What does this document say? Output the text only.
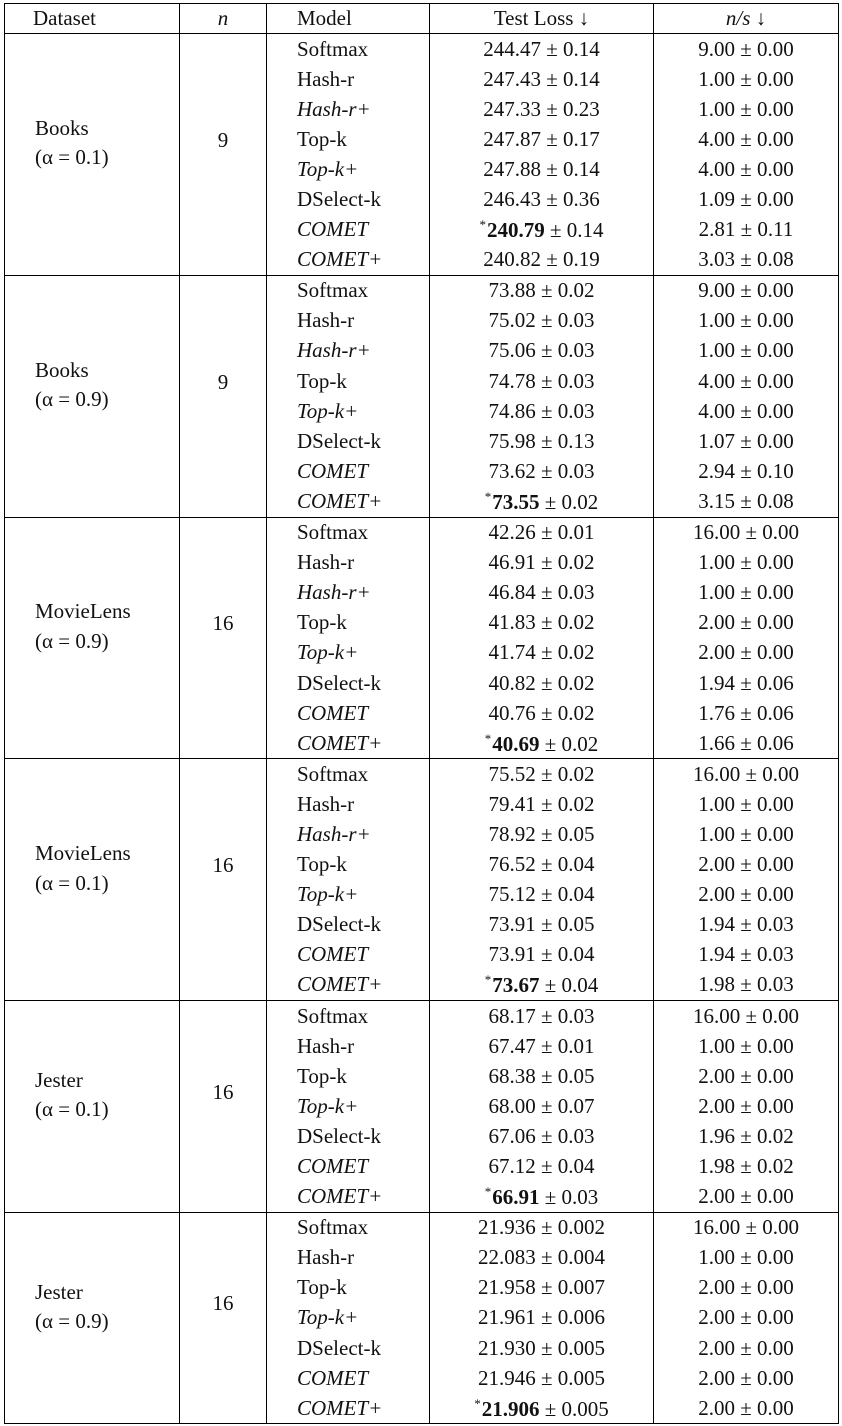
Dataset	n	Model	Test Loss ↓	n/s ↓

Books
(α = 0.1)	9	Softmax	244.47 ± 0.14	9.00 ± 0.00
		Hash-r	247.43 ± 0.14	1.00 ± 0.00
		Hash-r+	247.33 ± 0.23	1.00 ± 0.00
		Top-k	247.87 ± 0.17	4.00 ± 0.00
		Top-k+	247.88 ± 0.14	4.00 ± 0.00
		DSelect-k	246.43 ± 0.36	1.09 ± 0.00
		COMET	*240.79 ± 0.14	2.81 ± 0.11
		COMET+	240.82 ± 0.19	3.03 ± 0.08

Books
(α = 0.9)	9	Softmax	73.88 ± 0.02	9.00 ± 0.00
		Hash-r	75.02 ± 0.03	1.00 ± 0.00
		Hash-r+	75.06 ± 0.03	1.00 ± 0.00
		Top-k	74.78 ± 0.03	4.00 ± 0.00
		Top-k+	74.86 ± 0.03	4.00 ± 0.00
		DSelect-k	75.98 ± 0.13	1.07 ± 0.00
		COMET	73.62 ± 0.03	2.94 ± 0.10
		COMET+	*73.55 ± 0.02	3.15 ± 0.08

MovieLens
(α = 0.9)	16	Softmax	42.26 ± 0.01	16.00 ± 0.00
		Hash-r	46.91 ± 0.02	1.00 ± 0.00
		Hash-r+	46.84 ± 0.03	1.00 ± 0.00
		Top-k	41.83 ± 0.02	2.00 ± 0.00
		Top-k+	41.74 ± 0.02	2.00 ± 0.00
		DSelect-k	40.82 ± 0.02	1.94 ± 0.06
		COMET	40.76 ± 0.02	1.76 ± 0.06
		COMET+	*40.69 ± 0.02	1.66 ± 0.06

MovieLens
(α = 0.1)	16	Softmax	75.52 ± 0.02	16.00 ± 0.00
		Hash-r	79.41 ± 0.02	1.00 ± 0.00
		Hash-r+	78.92 ± 0.05	1.00 ± 0.00
		Top-k	76.52 ± 0.04	2.00 ± 0.00
		Top-k+	75.12 ± 0.04	2.00 ± 0.00
		DSelect-k	73.91 ± 0.05	1.94 ± 0.03
		COMET	73.91 ± 0.04	1.94 ± 0.03
		COMET+	*73.67 ± 0.04	1.98 ± 0.03

Jester
(α = 0.1)	16	Softmax	68.17 ± 0.03	16.00 ± 0.00
		Hash-r	67.47 ± 0.01	1.00 ± 0.00
		Top-k	68.38 ± 0.05	2.00 ± 0.00
		Top-k+	68.00 ± 0.07	2.00 ± 0.00
		DSelect-k	67.06 ± 0.03	1.96 ± 0.02
		COMET	67.12 ± 0.04	1.98 ± 0.02
		COMET+	*66.91 ± 0.03	2.00 ± 0.00

Jester
(α = 0.9)	16	Softmax	21.936 ± 0.002	16.00 ± 0.00
		Hash-r	22.083 ± 0.004	1.00 ± 0.00
		Top-k	21.958 ± 0.007	2.00 ± 0.00
		Top-k+	21.961 ± 0.006	2.00 ± 0.00
		DSelect-k	21.930 ± 0.005	2.00 ± 0.00
		COMET	21.946 ± 0.005	2.00 ± 0.00
		COMET+	*21.906 ± 0.005	2.00 ± 0.00
